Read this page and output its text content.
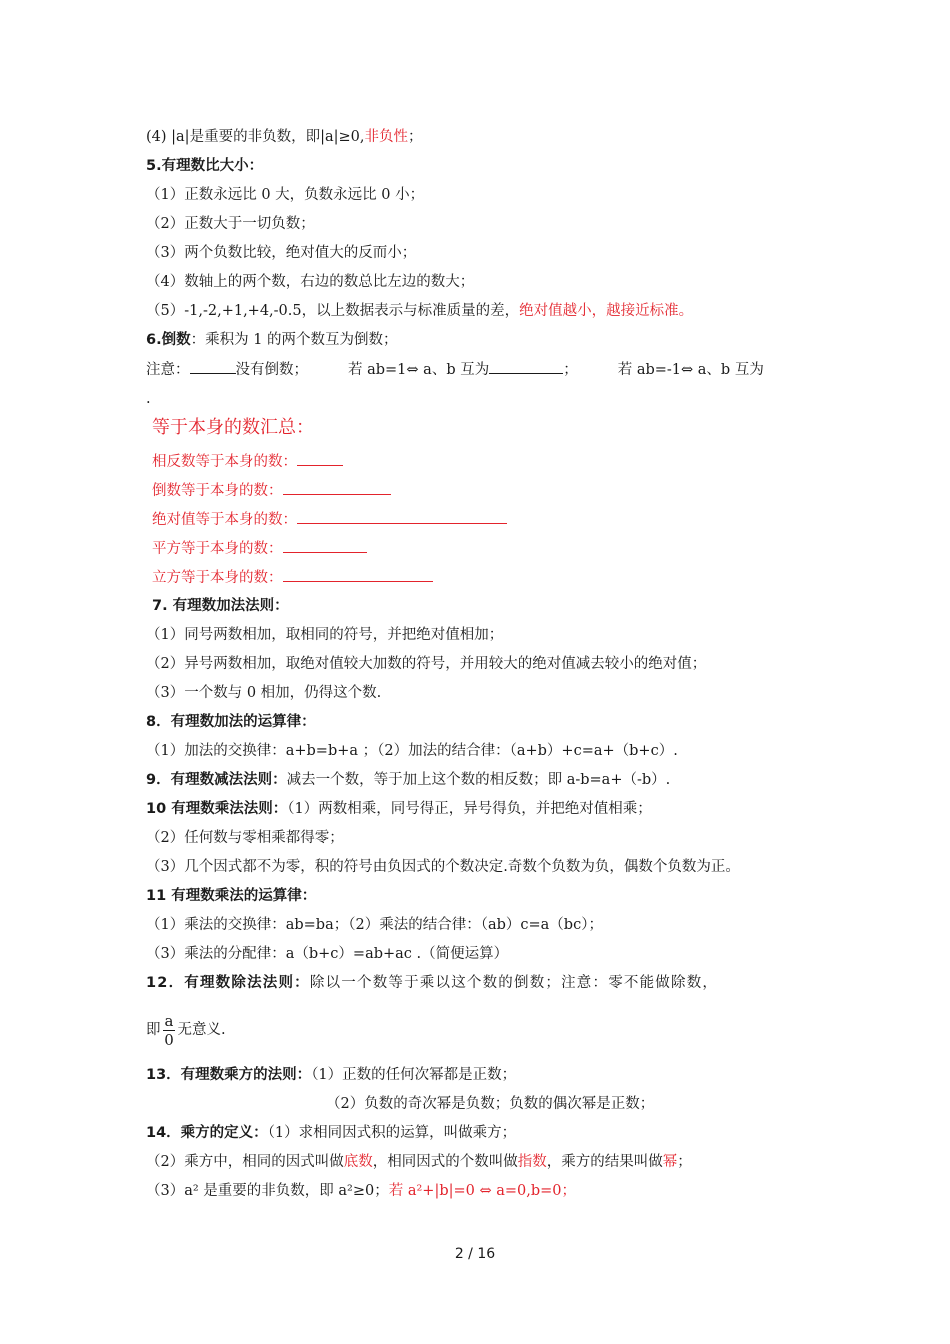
(4) |a|是重要的非负数，即|a|≥0,非负性；
5.有理数比大小：
（1）正数永远比 0 大，负数永远比 0 小；
（2）正数大于一切负数；
（3）两个负数比较，绝对值大的反而小；
（4）数轴上的两个数，右边的数总比左边的数大；
（5）-1,-2,+1,+4,-0.5，以上数据表示与标准质量的差，绝对值越小，越接近标准。
6.倒数：乘积为 1 的两个数互为倒数；
注意：	没有倒数；	若 ab=1⇔ a、b 互为	；	若 ab=-1⇔ a、b 互为
.
等于本身的数汇总：
相反数等于本身的数：
倒数等于本身的数：
绝对值等于本身的数：
平方等于本身的数：
立方等于本身的数：
7. 有理数加法法则：
（1）同号两数相加，取相同的符号，并把绝对值相加；
（2）异号两数相加，取绝对值较大加数的符号，并用较大的绝对值减去较小的绝对值；
（3）一个数与 0 相加，仍得这个数.
8．有理数加法的运算律：
（1）加法的交换律：a+b=b+a ；（2）加法的结合律：（a+b）+c=a+（b+c）.
9．有理数减法法则：减去一个数，等于加上这个数的相反数；即 a-b=a+（-b）.
10 有理数乘法法则：（1）两数相乘，同号得正，异号得负，并把绝对值相乘；
（2）任何数与零相乘都得零；
（3）几个因式都不为零，积的符号由负因式的个数决定.奇数个负数为负，偶数个负数为正。
11 有理数乘法的运算律：
（1）乘法的交换律：ab=ba；（2）乘法的结合律：（ab）c=a（bc）；
（3）乘法的分配律：a（b+c）=ab+ac .（简便运算）
12．有理数除法法则：除以一个数等于乘以这个数的倒数；注意：零不能做除数，
即 $\frac{a}{0}$ 无意义.
13．有理数乘方的法则：（1）正数的任何次幂都是正数；
（2）负数的奇次幂是负数；负数的偶次幂是正数；
14．乘方的定义：（1）求相同因式积的运算，叫做乘方；
（2）乘方中，相同的因式叫做底数，相同因式的个数叫做指数，乘方的结果叫做幂；
（3）a² 是重要的非负数，即 a²≥0；若 a²+|b|=0 ⇔ a=0,b=0；
2 / 16
